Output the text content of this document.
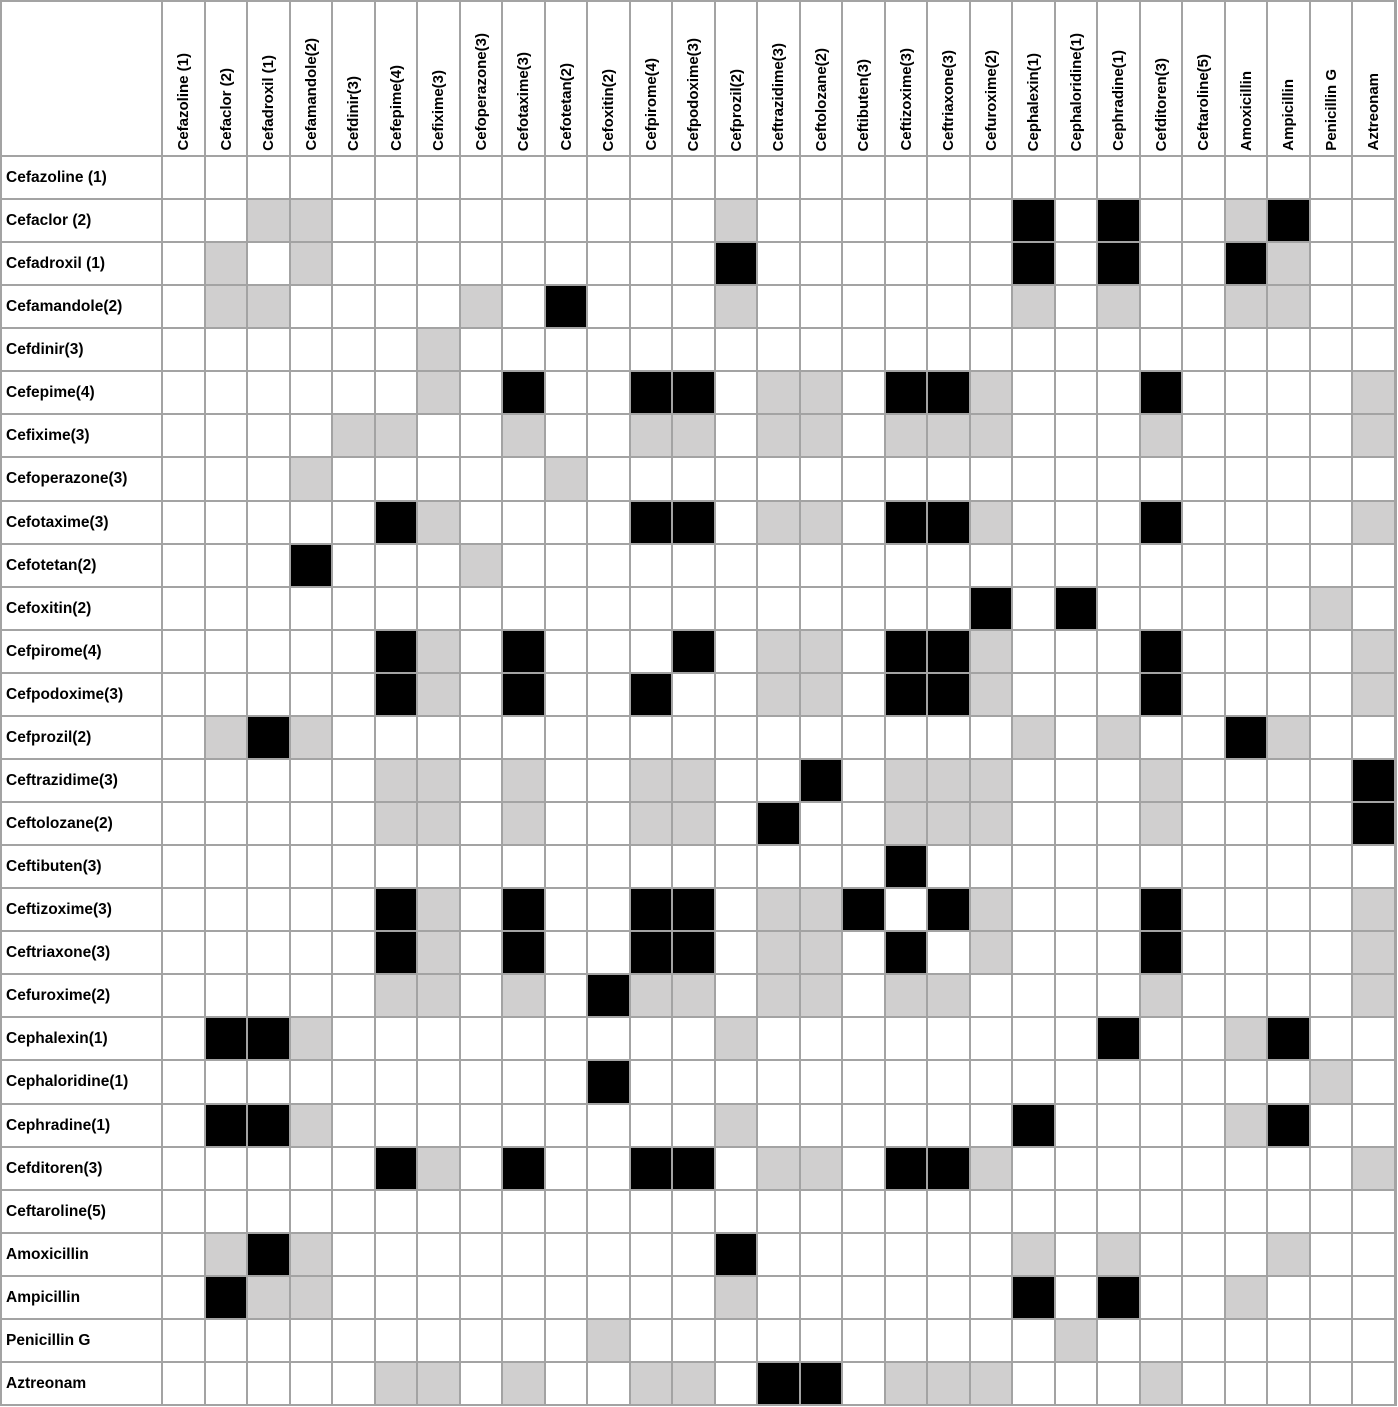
Cefazoline (1) Cefaclor (2) Cefadroxil (1) Cefamandole(2) Cefdinir(3) Cefepime(4) Cefixime(3) Cefoperazone(3) Cefotaxime(3) Cefotetan(2) Cefoxitin(2) Cefpirome(4) Cefpodoxime(3) Cefprozil(2) Ceftrazidime(3) Ceftolozane(2) Ceftibuten(3) Ceftizoxime(3) Ceftriaxone(3) Cefuroxime(2) Cephalexin(1) Cephaloridine(1) Cephradine(1) Cefditoren(3) Ceftaroline(5) Amoxicillin Ampicillin Penicillin G Aztreonam
Cefazoline (1)
Cefaclor (2)
Cefadroxil (1)
Cefamandole(2)
Cefdinir(3)
Cefepime(4)
Cefixime(3)
Cefoperazone(3)
Cefotaxime(3)
Cefotetan(2)
Cefoxitin(2)
Cefpirome(4)
Cefpodoxime(3)
Cefprozil(2)
Ceftrazidime(3)
Ceftolozane(2)
Ceftibuten(3)
Ceftizoxime(3)
Ceftriaxone(3)
Cefuroxime(2)
Cephalexin(1)
Cephaloridine(1)
Cephradine(1)
Cefditoren(3)
Ceftaroline(5)
Amoxicillin
Ampicillin
Penicillin G
Aztreonam
